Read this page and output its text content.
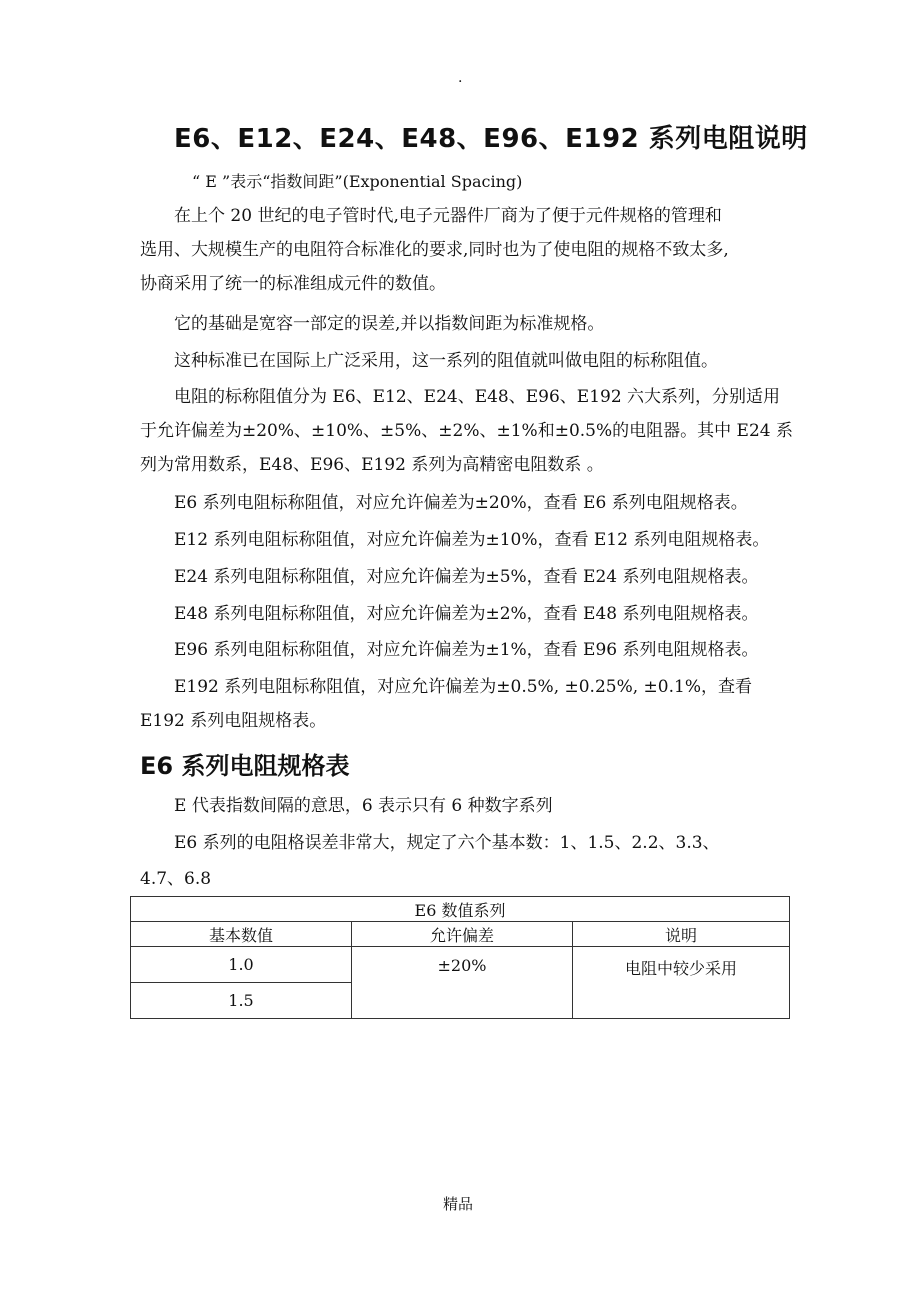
.
E6、E12、E24、E48、E96、E192 系列电阻说明
“ E ”表示“指数间距”(Exponential Spacing)
在上个 20 世纪的电子管时代,电子元器件厂商为了便于元件规格的管理和
选用、大规模生产的电阻符合标准化的要求,同时也为了使电阻的规格不致太多,
协商采用了统一的标准组成元件的数值。
它的基础是宽容一部定的误差,并以指数间距为标准规格。
这种标准已在国际上广泛采用，这一系列的阻值就叫做电阻的标称阻值。
电阻的标称阻值分为 E6、E12、E24、E48、E96、E192 六大系列，分别适用
于允许偏差为±20%、±10%、±5%、±2%、±1%和±0.5%的电阻器。其中 E24 系
列为常用数系，E48、E96、E192 系列为高精密电阻数系 。
E6 系列电阻标称阻值，对应允许偏差为±20%，查看 E6 系列电阻规格表。
E12 系列电阻标称阻值，对应允许偏差为±10%，查看 E12 系列电阻规格表。
E24 系列电阻标称阻值，对应允许偏差为±5%，查看 E24 系列电阻规格表。
E48 系列电阻标称阻值，对应允许偏差为±2%，查看 E48 系列电阻规格表。
E96 系列电阻标称阻值，对应允许偏差为±1%，查看 E96 系列电阻规格表。
E192 系列电阻标称阻值，对应允许偏差为±0.5%, ±0.25%, ±0.1%，查看
E192 系列电阻规格表。
E6 系列电阻规格表
E 代表指数间隔的意思，6 表示只有 6 种数字系列
E6 系列的电阻格误差非常大，规定了六个基本数：1、1.5、2.2、3.3、
4.7、6.8
E6 数值系列		
基本数值	允许偏差	说明
1.0	±20%	电阻中较少采用
1.5		
精品
